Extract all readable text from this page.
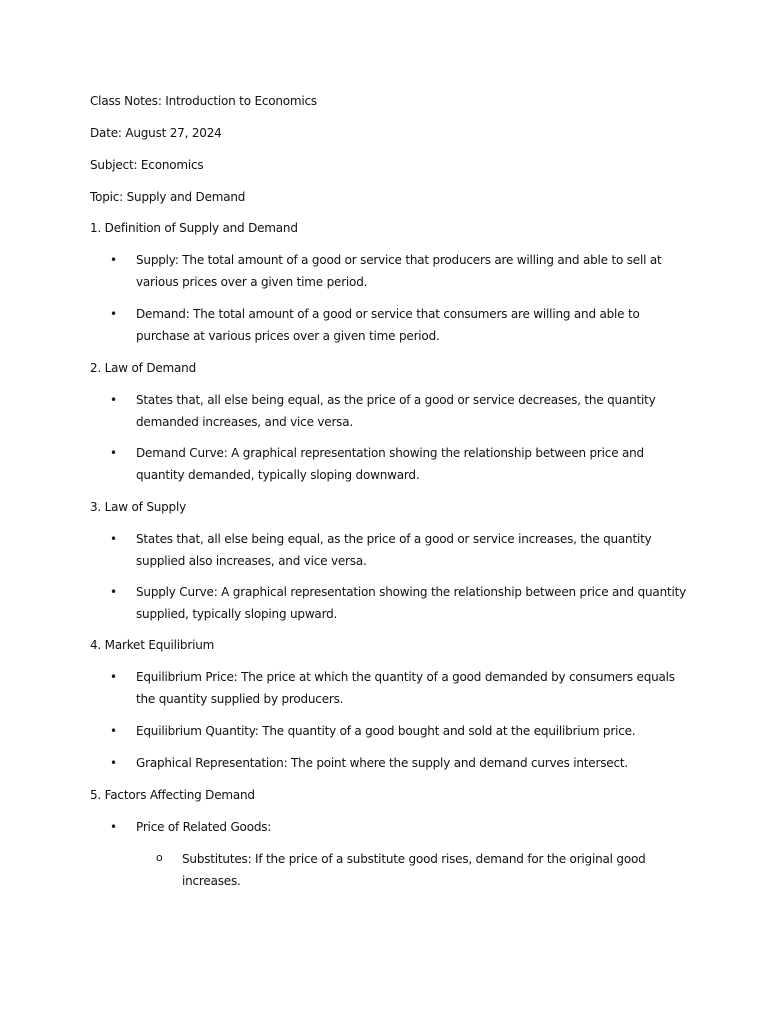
Class Notes: Introduction to Economics
Date: August 27, 2024
Subject: Economics
Topic: Supply and Demand
1. Definition of Supply and Demand
•	Supply: The total amount of a good or service that producers are willing and able to sell at various prices over a given time period.
•	Demand: The total amount of a good or service that consumers are willing and able to purchase at various prices over a given time period.
2. Law of Demand
•	States that, all else being equal, as the price of a good or service decreases, the quantity demanded increases, and vice versa.
•	Demand Curve: A graphical representation showing the relationship between price and quantity demanded, typically sloping downward.
3. Law of Supply
•	States that, all else being equal, as the price of a good or service increases, the quantity supplied also increases, and vice versa.
•	Supply Curve: A graphical representation showing the relationship between price and quantity supplied, typically sloping upward.
4. Market Equilibrium
•	Equilibrium Price: The price at which the quantity of a good demanded by consumers equals the quantity supplied by producers.
•	Equilibrium Quantity: The quantity of a good bought and sold at the equilibrium price.
•	Graphical Representation: The point where the supply and demand curves intersect.
5. Factors Affecting Demand
•	Price of Related Goods:
o	Substitutes: If the price of a substitute good rises, demand for the original good increases.
